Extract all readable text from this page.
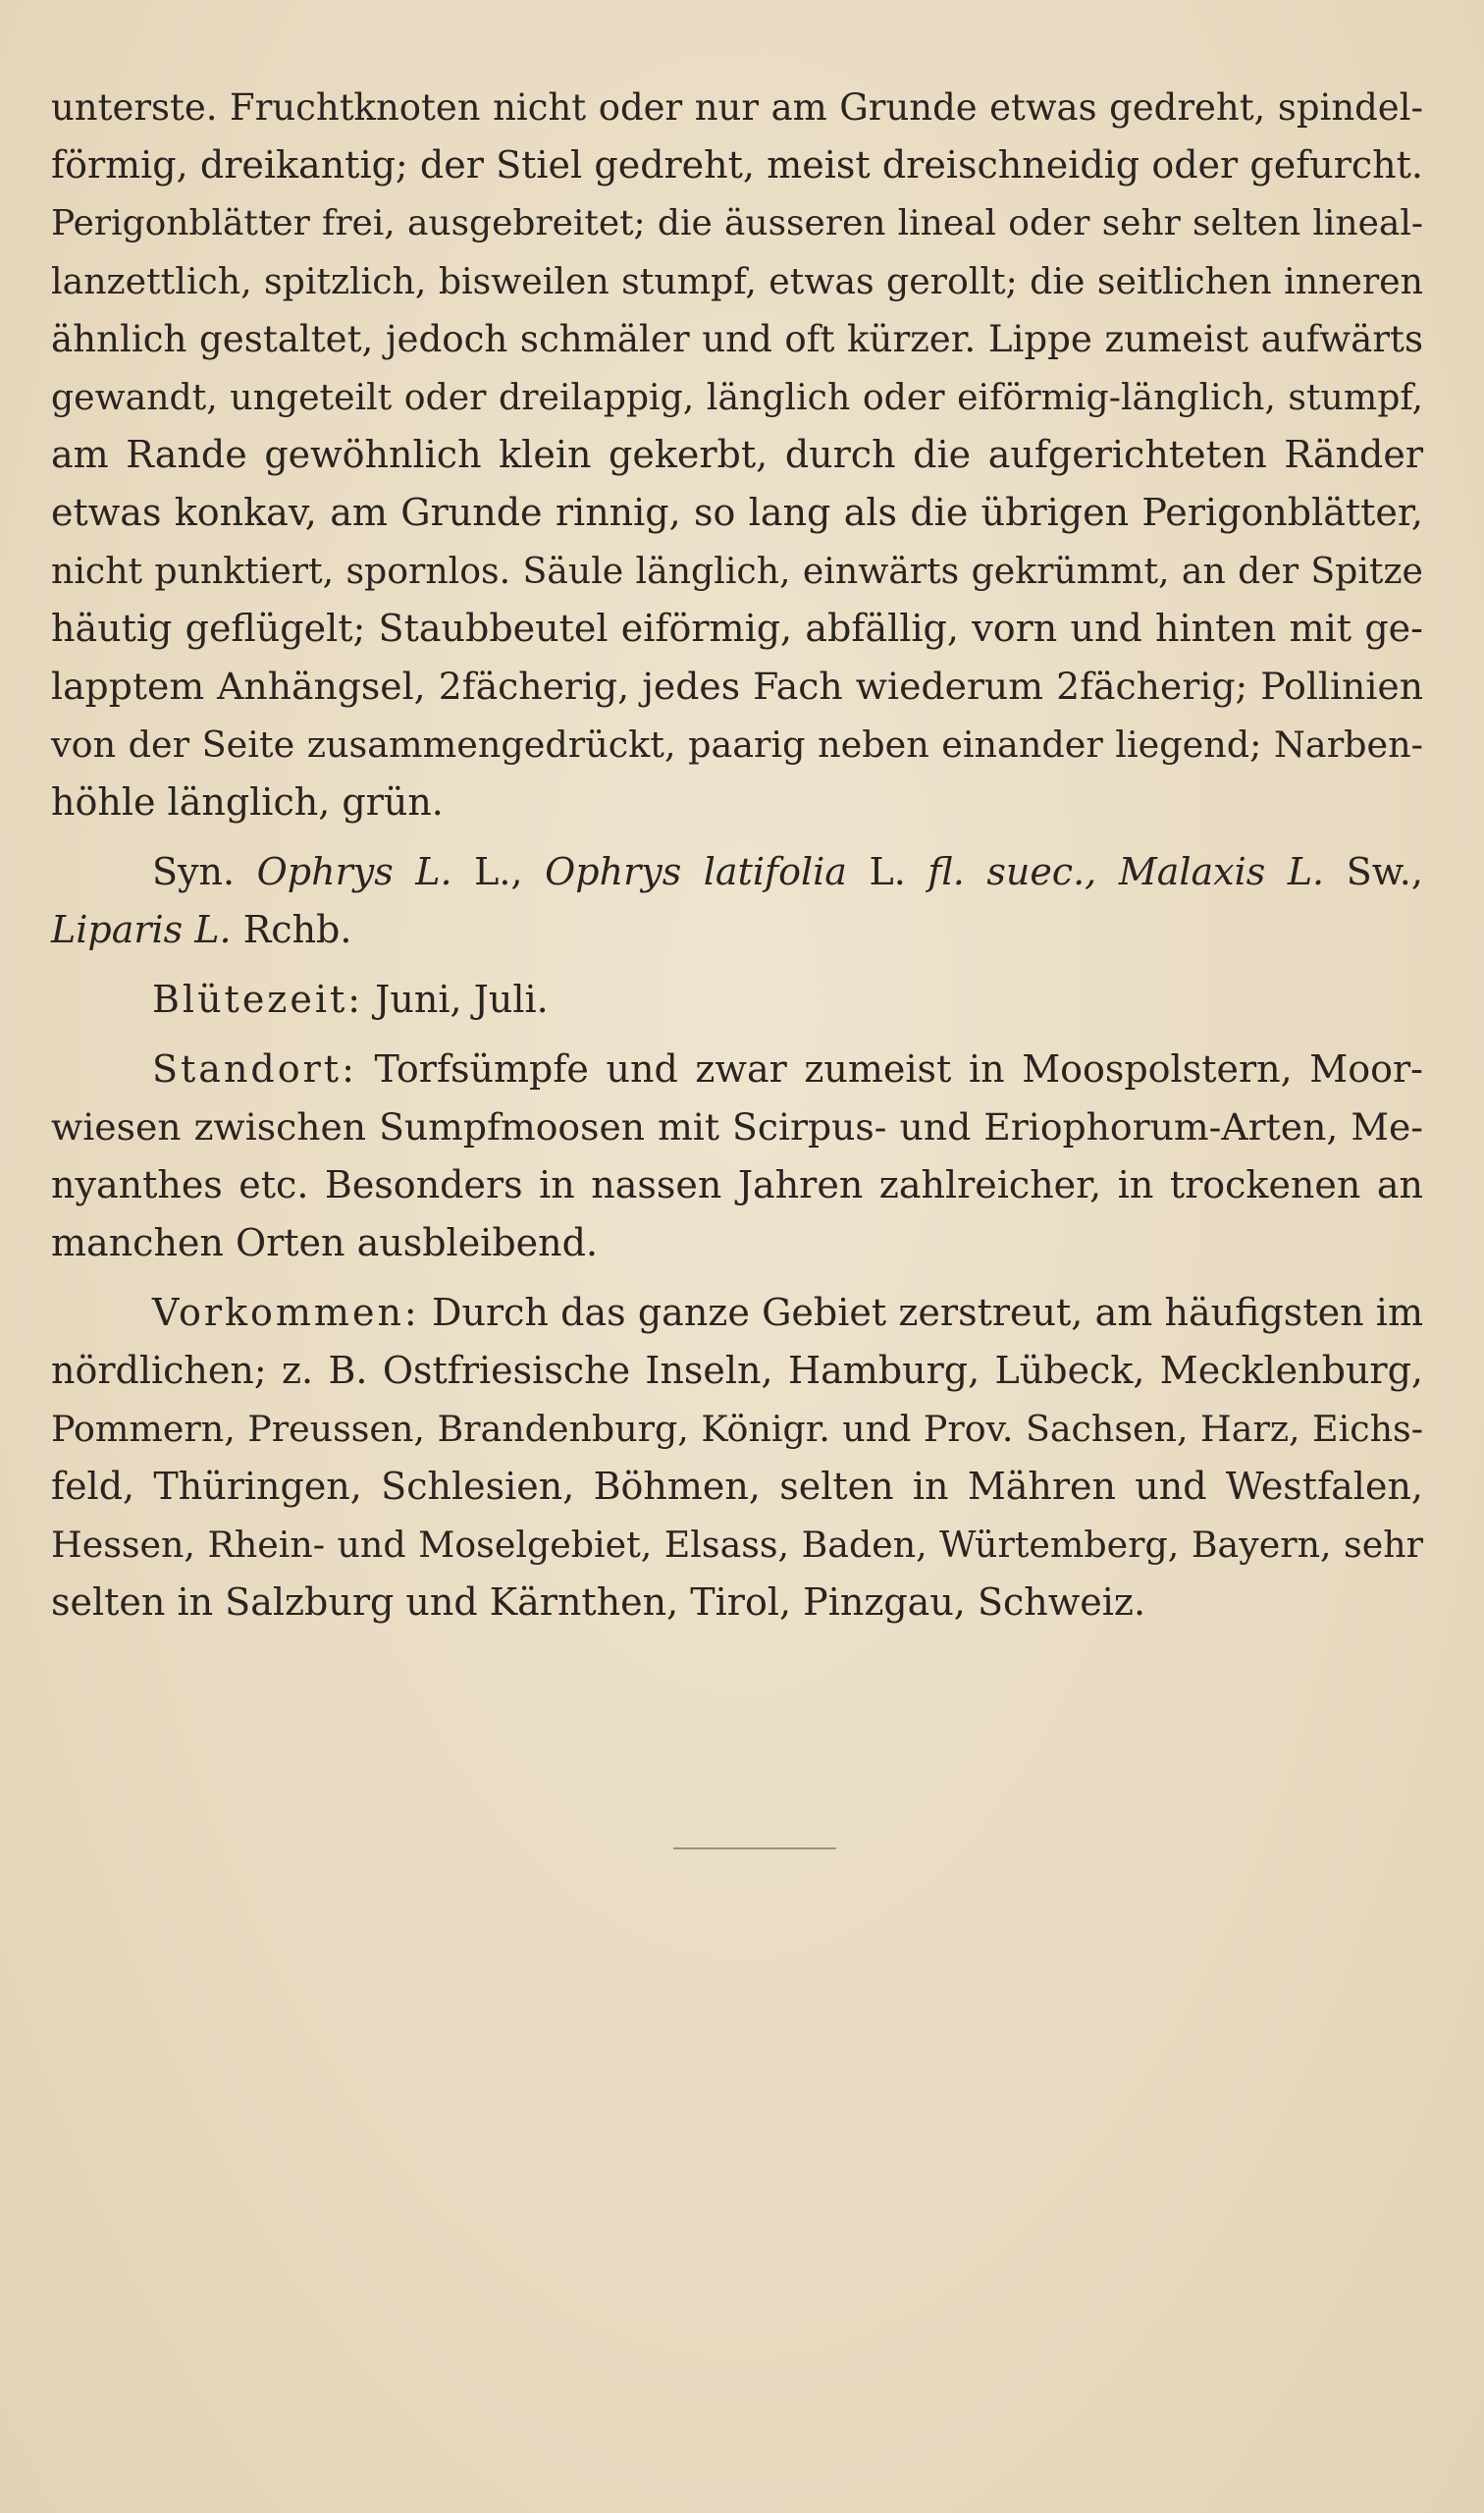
unterste. Fruchtknoten nicht oder nur am Grunde etwas gedreht, spindel-
förmig, dreikantig; der Stiel gedreht, meist dreischneidig oder gefurcht.
Perigonblätter frei, ausgebreitet; die äusseren lineal oder sehr selten lineal-
lanzettlich, spitzlich, bisweilen stumpf, etwas gerollt; die seitlichen inneren
ähnlich gestaltet, jedoch schmäler und oft kürzer. Lippe zumeist aufwärts
gewandt, ungeteilt oder dreilappig, länglich oder eiförmig-länglich, stumpf,
am Rande gewöhnlich klein gekerbt, durch die aufgerichteten Ränder
etwas konkav, am Grunde rinnig, so lang als die übrigen Perigonblätter,
nicht punktiert, spornlos. Säule länglich, einwärts gekrümmt, an der Spitze
häutig geflügelt; Staubbeutel eiförmig, abfällig, vorn und hinten mit ge-
lapptem Anhängsel, 2fächerig, jedes Fach wiederum 2fächerig; Pollinien
von der Seite zusammengedrückt, paarig neben einander liegend; Narben-
höhle länglich, grün.
Syn. Ophrys L. L., Ophrys latifolia L. fl. suec., Malaxis L. Sw.,
Liparis L. Rchb.
Blütezeit: Juni, Juli.
Standort: Torfsümpfe und zwar zumeist in Moospolstern, Moor-
wiesen zwischen Sumpfmoosen mit Scirpus- und Eriophorum-Arten, Me-
nyanthes etc. Besonders in nassen Jahren zahlreicher, in trockenen an
manchen Orten ausbleibend.
Vorkommen: Durch das ganze Gebiet zerstreut, am häufigsten im
nördlichen; z. B. Ostfriesische Inseln, Hamburg, Lübeck, Mecklenburg,
Pommern, Preussen, Brandenburg, Königr. und Prov. Sachsen, Harz, Eichs-
feld, Thüringen, Schlesien, Böhmen, selten in Mähren und Westfalen,
Hessen, Rhein- und Moselgebiet, Elsass, Baden, Würtemberg, Bayern, sehr
selten in Salzburg und Kärnthen, Tirol, Pinzgau, Schweiz.
